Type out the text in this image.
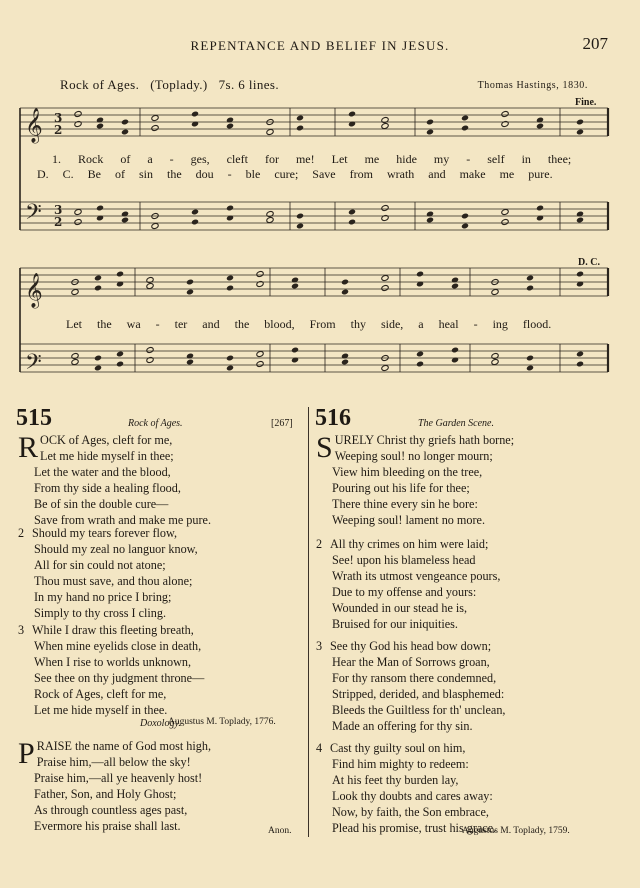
REPENTANCE AND BELIEF IN JESUS.	207
Rock of Ages. (Toplady.) 7s. 6 lines.	Thomas Hastings, 1830.
Fine.
D. C.
𝄞
𝄢
𝄞
𝄢
3
2
3
2
1. Rock of a - ges, cleft for me! Let me hide my - self in thee;
D. C. Be of sin the dou - ble cure; Save from wrath and make me pure.
Let the wa - ter and the blood, From thy side, a heal - ing flood.
515	Rock of Ages.	[267]
R OCK of Ages, cleft for me,
Let me hide myself in thee;
Let the water and the blood,
From thy side a healing flood,
Be of sin the double cure—
Save from wrath and make me pure.
2 Should my tears forever flow,
Should my zeal no languor know,
All for sin could not atone;
Thou must save, and thou alone;
In my hand no price I bring;
Simply to thy cross I cling.
3 While I draw this fleeting breath,
When mine eyelids close in death,
When I rise to worlds unknown,
See thee on thy judgment throne—
Rock of Ages, cleft for me,
Let me hide myself in thee.
Augustus M. Toplady, 1776.
Doxology.
P RAISE the name of God most high,
Praise him,—all below the sky!
Praise him,—all ye heavenly host!
Father, Son, and Holy Ghost;
As through countless ages past,
Evermore his praise shall last.	Anon.
516	The Garden Scene.
S URELY Christ thy griefs hath borne;
Weeping soul! no longer mourn;
View him bleeding on the tree,
Pouring out his life for thee;
There thine every sin he bore:
Weeping soul! lament no more.
2 All thy crimes on him were laid;
See! upon his blameless head
Wrath its utmost vengeance pours,
Due to my offense and yours:
Wounded in our stead he is,
Bruised for our iniquities.
3 See thy God his head bow down;
Hear the Man of Sorrows groan,
For thy ransom there condemned,
Stripped, derided, and blasphemed:
Bleeds the Guiltless for th' unclean,
Made an offering for thy sin.
4 Cast thy guilty soul on him,
Find him mighty to redeem:
At his feet thy burden lay,
Look thy doubts and cares away:
Now, by faith, the Son embrace,
Plead his promise, trust his grace.
Augustus M. Toplady, 1759.
